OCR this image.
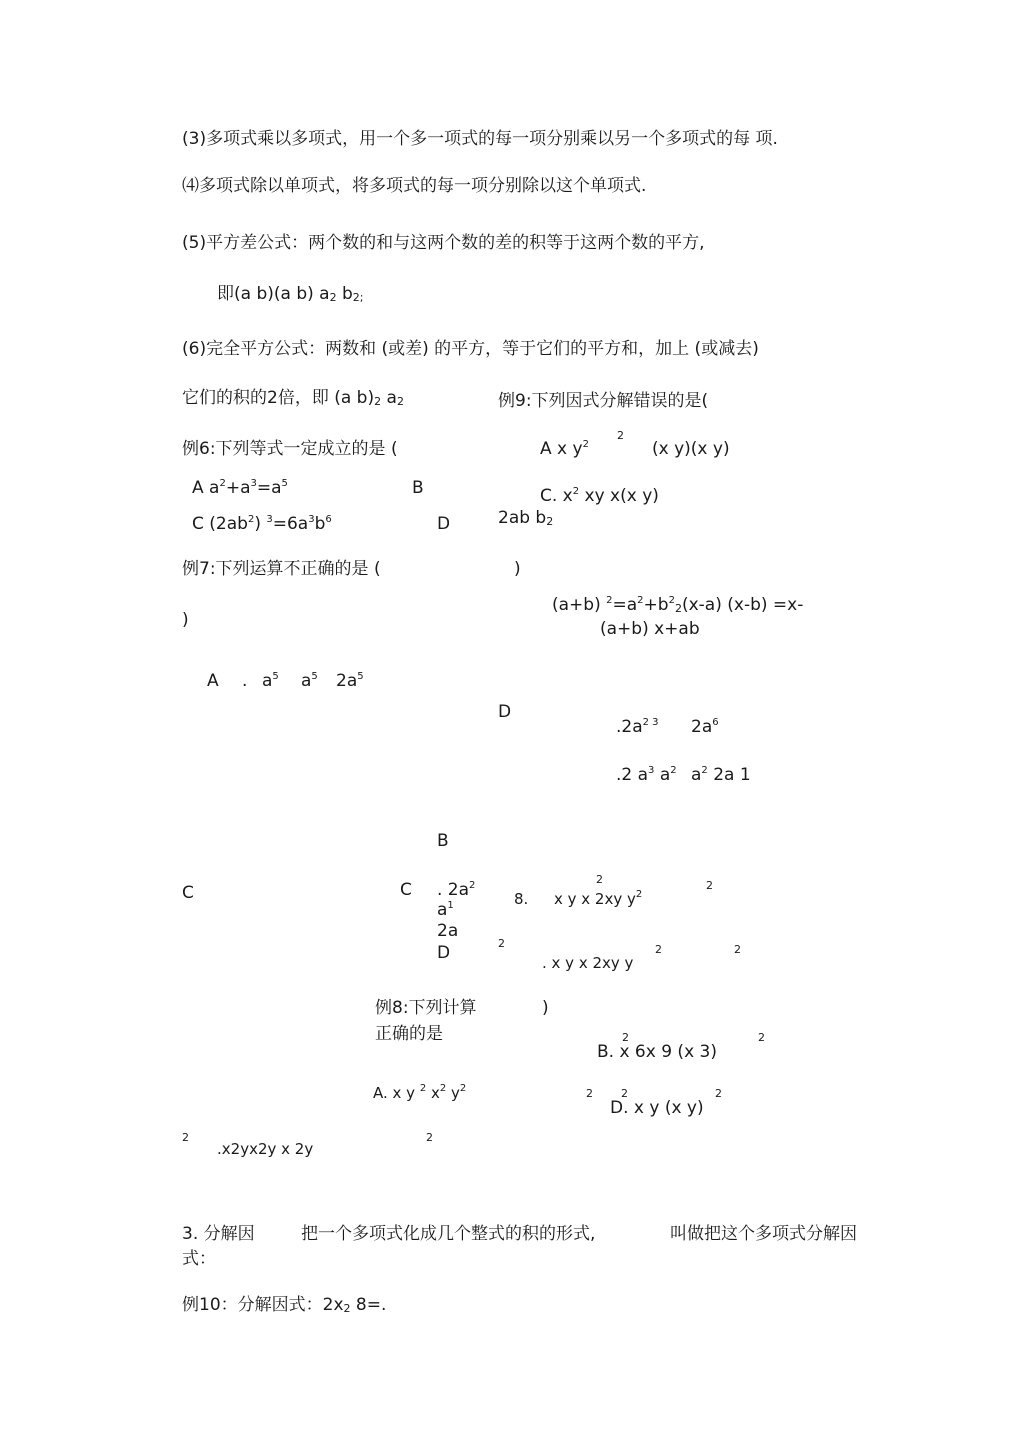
(3)多项式乘以多项式，用一个多一项式的每一项分别乘以另一个多项式的每 项.
⑷多项式除以单项式，将多项式的每一项分别除以这个单项式.
(5)平方差公式：两个数的和与这两个数的差的积等于这两个数的平方,
即(a b)(a b) $a_2$ $b_{2;}$
(6)完全平方公式：两数和 (或差) 的平方，等于它们的平方和，加上 (或减去)
它们的积的2倍，即 (a $b)_2$ $a_2$	例9:下列因式分解错误的是(
A x $y^2$
2
(x y)(x y)
C. $x^2$ xy x(x y)
2ab $b_2$
例6:下列等式一定成立的是 (
A $a^2+a^3=a^5$	B
C $(2ab^2)$ $^3=6a^3b^6$	D
例7:下列运算不正确的是 (	)
(a+b) $^2=a^2+b^2_2(x-a)$ (x-b) =x-
(a+b) x+ab
)
A . $a^5$ $a^5$ $2a^5$
D
$.2a^{2 3}$ $2a^6$
.2 $a^3$ $a^2$ $a^2$ 2a 1
B
C	C . $2a^2$
$a^1$
2a
D
8.
2
x y x 2xy $y^2$
2
2
. x y x 2xy y
2	2
例8:下列计算	)
正确的是	2
B. x 6x 9 (x 3)
2
A. x y $^2$ $x^2$ $y^2$	2	2
D. x y (x y)
2
2
.x2yx2y x 2y
2
3. 分解因	把一个多项式化成几个整式的积的形式,	叫做把这个多项式分解因
式：
例10：分解因式：$2x_2$ 8=.
